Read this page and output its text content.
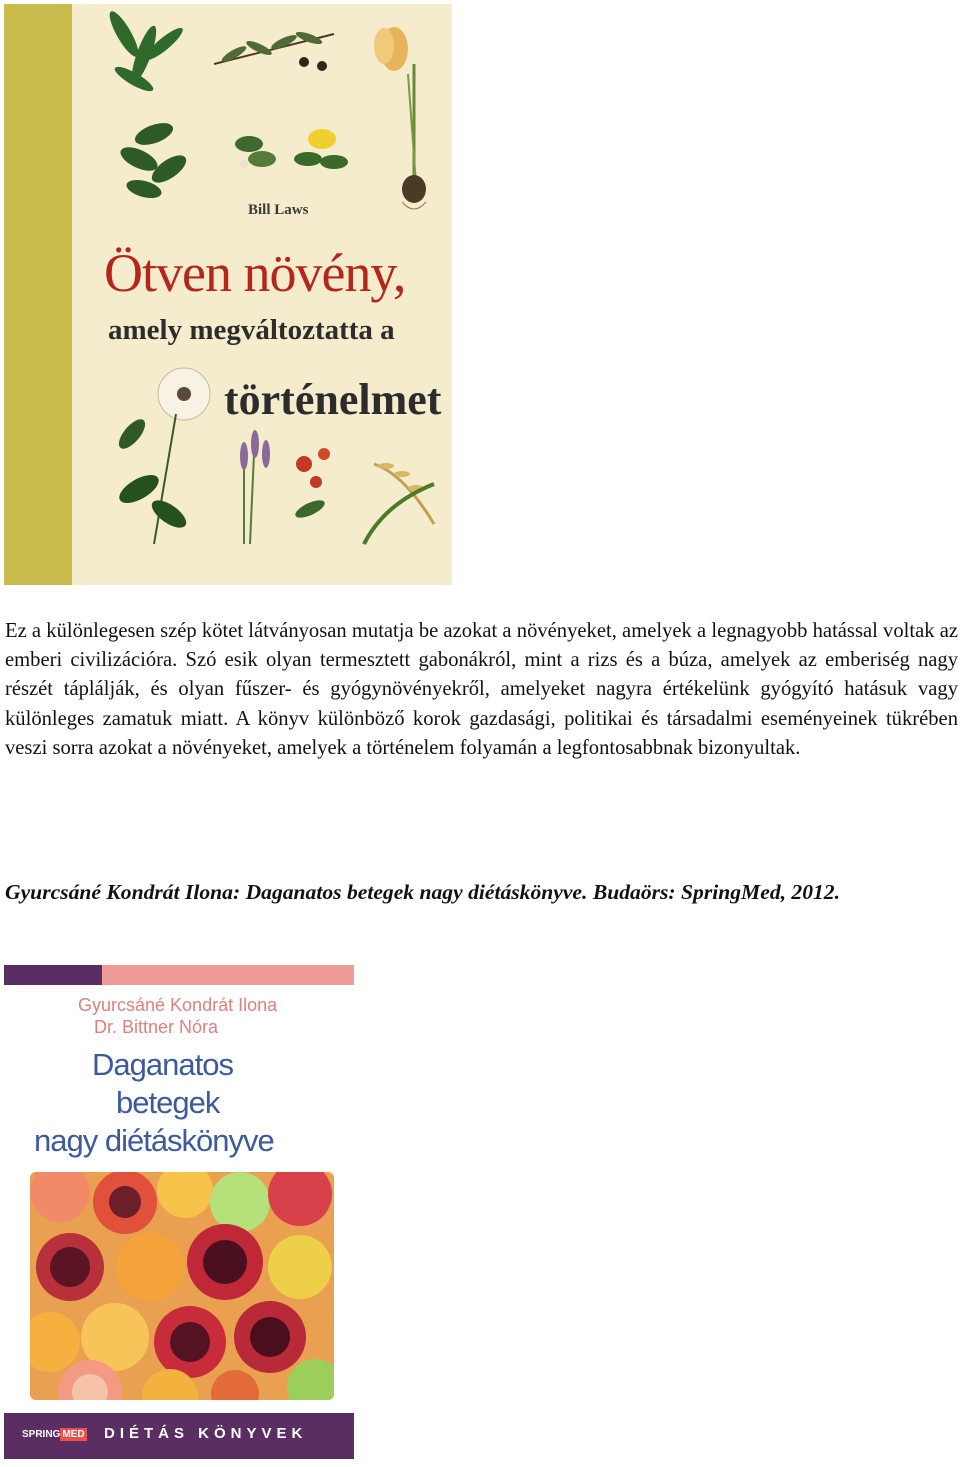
Bill Laws
Ötven növény,
amely megváltoztatta a
történelmet

Ez a különlegesen szép kötet látványosan mutatja be azokat a növényeket, amelyek a legnagyobb hatással voltak az emberi civilizációra. Szó esik olyan termesztett gabonákról, mint a rizs és a búza, amelyek az emberiség nagy részét táplálják, és olyan fűszer- és gyógynövényekről, amelyeket nagyra értékelünk gyógyító hatásuk vagy különleges zamatuk miatt. A könyv különböző korok gazdasági, politikai és társadalmi eseményeinek tükrében veszi sorra azokat a növényeket, amelyek a történelem folyamán a legfontosabbnak bizonyultak.

Gyurcsáné Kondrát Ilona: Daganatos betegek nagy diétáskönyve. Budaörs: SpringMed, 2012.

Gyurcsáné Kondrát Ilona
Dr. Bittner Nóra
Daganatos
betegek
nagy diétáskönyve
SPRING MED DIÉTÁS KÖNYVEK
